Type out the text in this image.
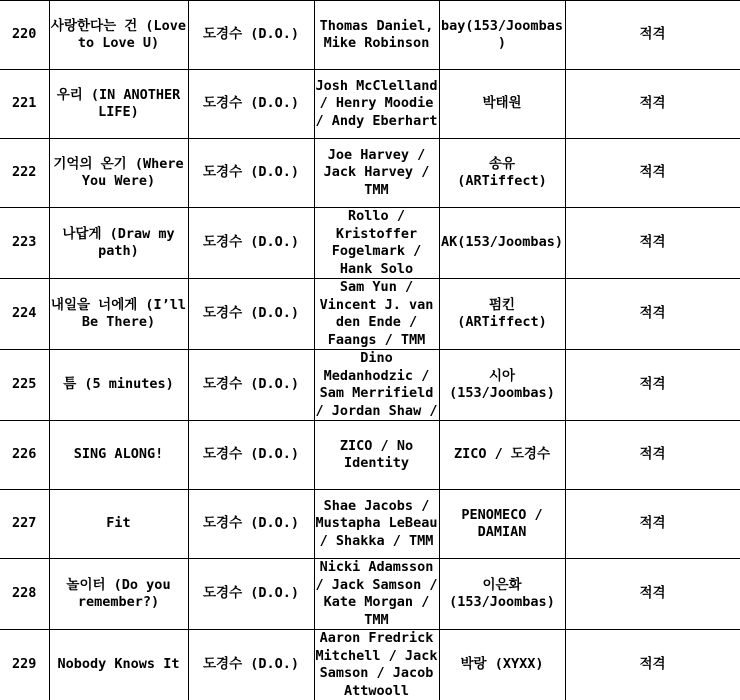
220	사랑한다는 건 (Love to Love U)	도경수 (D.O.)	Thomas Daniel, Mike Robinson	bay(153/Joombas)	적격
221	우리 (IN ANOTHER LIFE)	도경수 (D.O.)	Josh McClelland / Henry Moodie / Andy Eberhart	박태원	적격
222	기억의 온기 (Where You Were)	도경수 (D.O.)	Joe Harvey / Jack Harvey / TMM	송유 (ARTiffect)	적격
223	나답게 (Draw my path)	도경수 (D.O.)	Rollo / Kristoffer Fogelmark / Hank Solo	AK(153/Joombas)	적격
224	내일을 너에게 (I’ll Be There)	도경수 (D.O.)	Sam Yun / Vincent J. van den Ende / Faangs / TMM	펌킨 (ARTiffect)	적격
225	틈 (5 minutes)	도경수 (D.O.)	Dino Medanhodzic / Sam Merrifield / Jordan Shaw /	시아 (153/Joombas)	적격
226	SING ALONG!	도경수 (D.O.)	ZICO / No Identity	ZICO / 도경수	적격
227	Fit	도경수 (D.O.)	Shae Jacobs / Mustapha LeBeau / Shakka / TMM	PENOMECO / DAMIAN	적격
228	놀이터 (Do you remember?)	도경수 (D.O.)	Nicki Adamsson / Jack Samson / Kate Morgan / TMM	이은화 (153/Joombas)	적격
229	Nobody Knows It	도경수 (D.O.)	Aaron Fredrick Mitchell / Jack Samson / Jacob Attwooll	박랑 (XYXX)	적격
